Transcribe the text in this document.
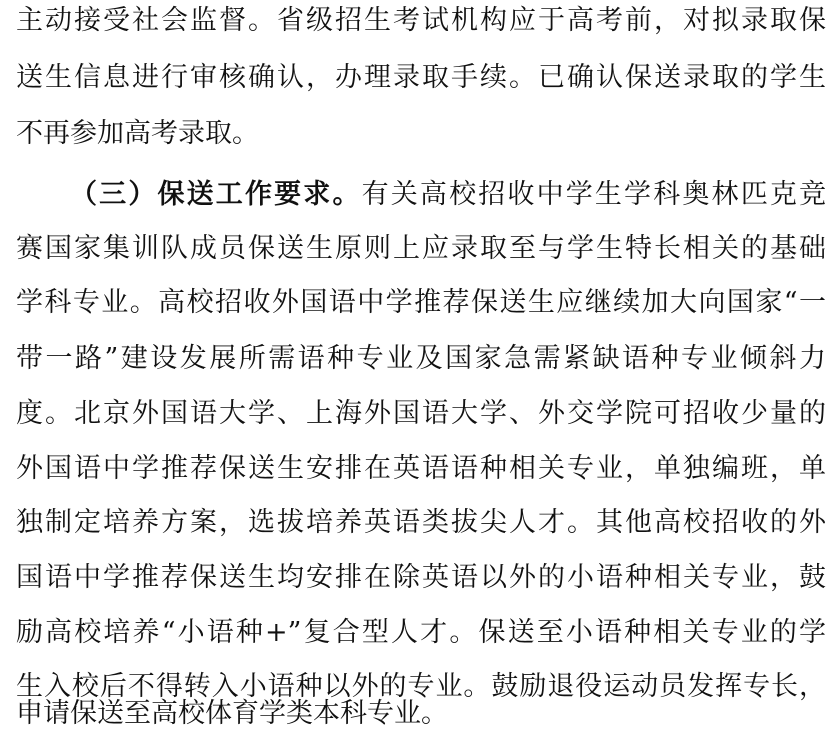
主动接受社会监督。省级招生考试机构应于高考前，对拟录取保
送生信息进行审核确认，办理录取手续。已确认保送录取的学生
不再参加高考录取。
（三）保送工作要求。有关高校招收中学生学科奥林匹克竞
赛国家集训队成员保送生原则上应录取至与学生特长相关的基础
学科专业。高校招收外国语中学推荐保送生应继续加大向国家“一
带一路”建设发展所需语种专业及国家急需紧缺语种专业倾斜力
度。北京外国语大学、上海外国语大学、外交学院可招收少量的
外国语中学推荐保送生安排在英语语种相关专业，单独编班，单
独制定培养方案，选拔培养英语类拔尖人才。其他高校招收的外
国语中学推荐保送生均安排在除英语以外的小语种相关专业，鼓
励高校培养“小语种+”复合型人才。保送至小语种相关专业的学
生入校后不得转入小语种以外的专业。鼓励退役运动员发挥专长，
申请保送至高校体育学类本科专业。
